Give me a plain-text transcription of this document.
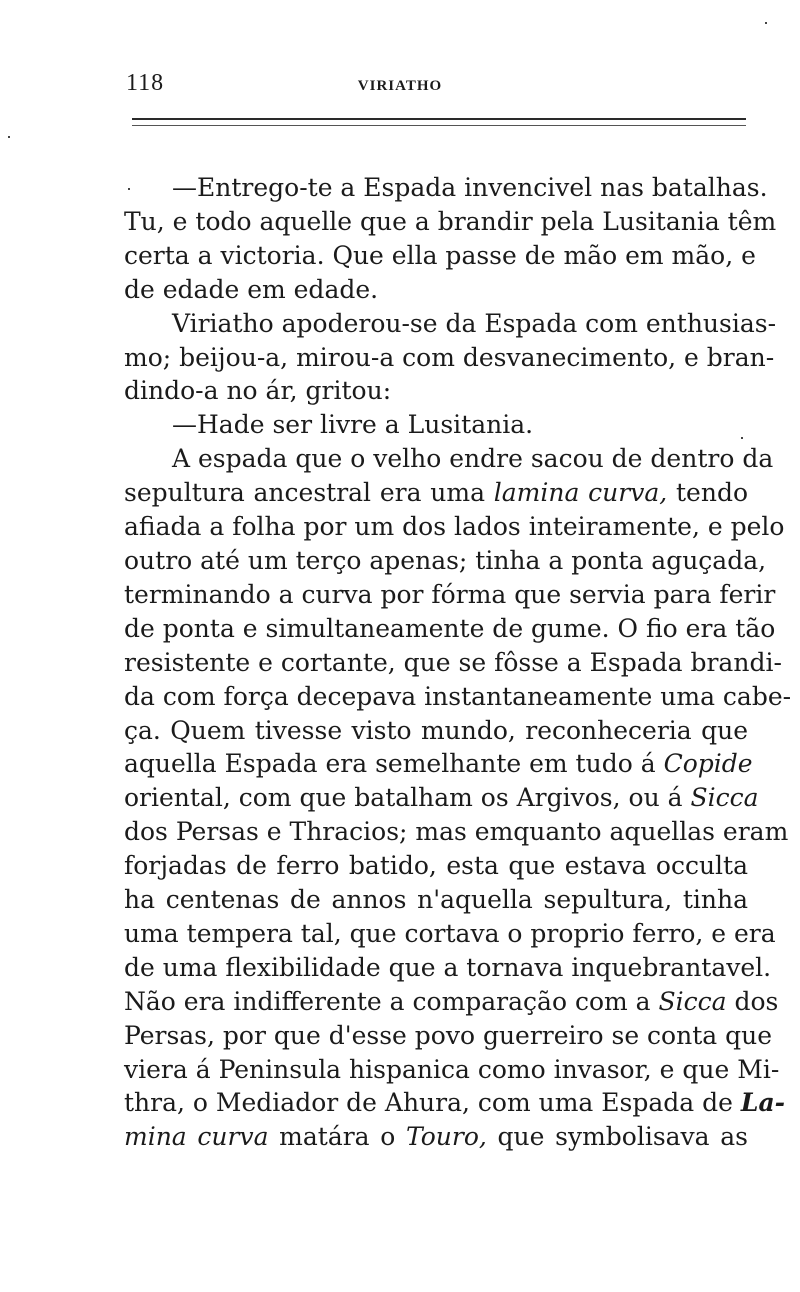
118	VIRIATHO
—Entrego-te a Espada invencivel nas batalhas.
Tu, e todo aquelle que a brandir pela Lusitania têm
certa a victoria. Que ella passe de mão em mão, e
de edade em edade.
Viriatho apoderou-se da Espada com enthusias-
mo; beijou-a, mirou-a com desvanecimento, e bran-
dindo-a no ár, gritou:
—Hade ser livre a Lusitania.
A espada que o velho endre sacou de dentro da
sepultura ancestral era uma lamina curva, tendo
afiada a folha por um dos lados inteiramente, e pelo
outro até um terço apenas; tinha a ponta aguçada,
terminando a curva por fórma que servia para ferir
de ponta e simultaneamente de gume. O fio era tão
resistente e cortante, que se fôsse a Espada brandi-
da com força decepava instantaneamente uma cabe-
ça. Quem tivesse visto mundo, reconheceria que
aquella Espada era semelhante em tudo á Copide
oriental, com que batalham os Argivos, ou á Sicca
dos Persas e Thracios; mas emquanto aquellas eram
forjadas de ferro batido, esta que estava occulta
ha centenas de annos n'aquella sepultura, tinha
uma tempera tal, que cortava o proprio ferro, e era
de uma flexibilidade que a tornava inquebrantavel.
Não era indifferente a comparação com a Sicca dos
Persas, por que d'esse povo guerreiro se conta que
viera á Peninsula hispanica como invasor, e que Mi-
thra, o Mediador de Ahura, com uma Espada de La-
mina curva matára o Touro, que symbolisava as
